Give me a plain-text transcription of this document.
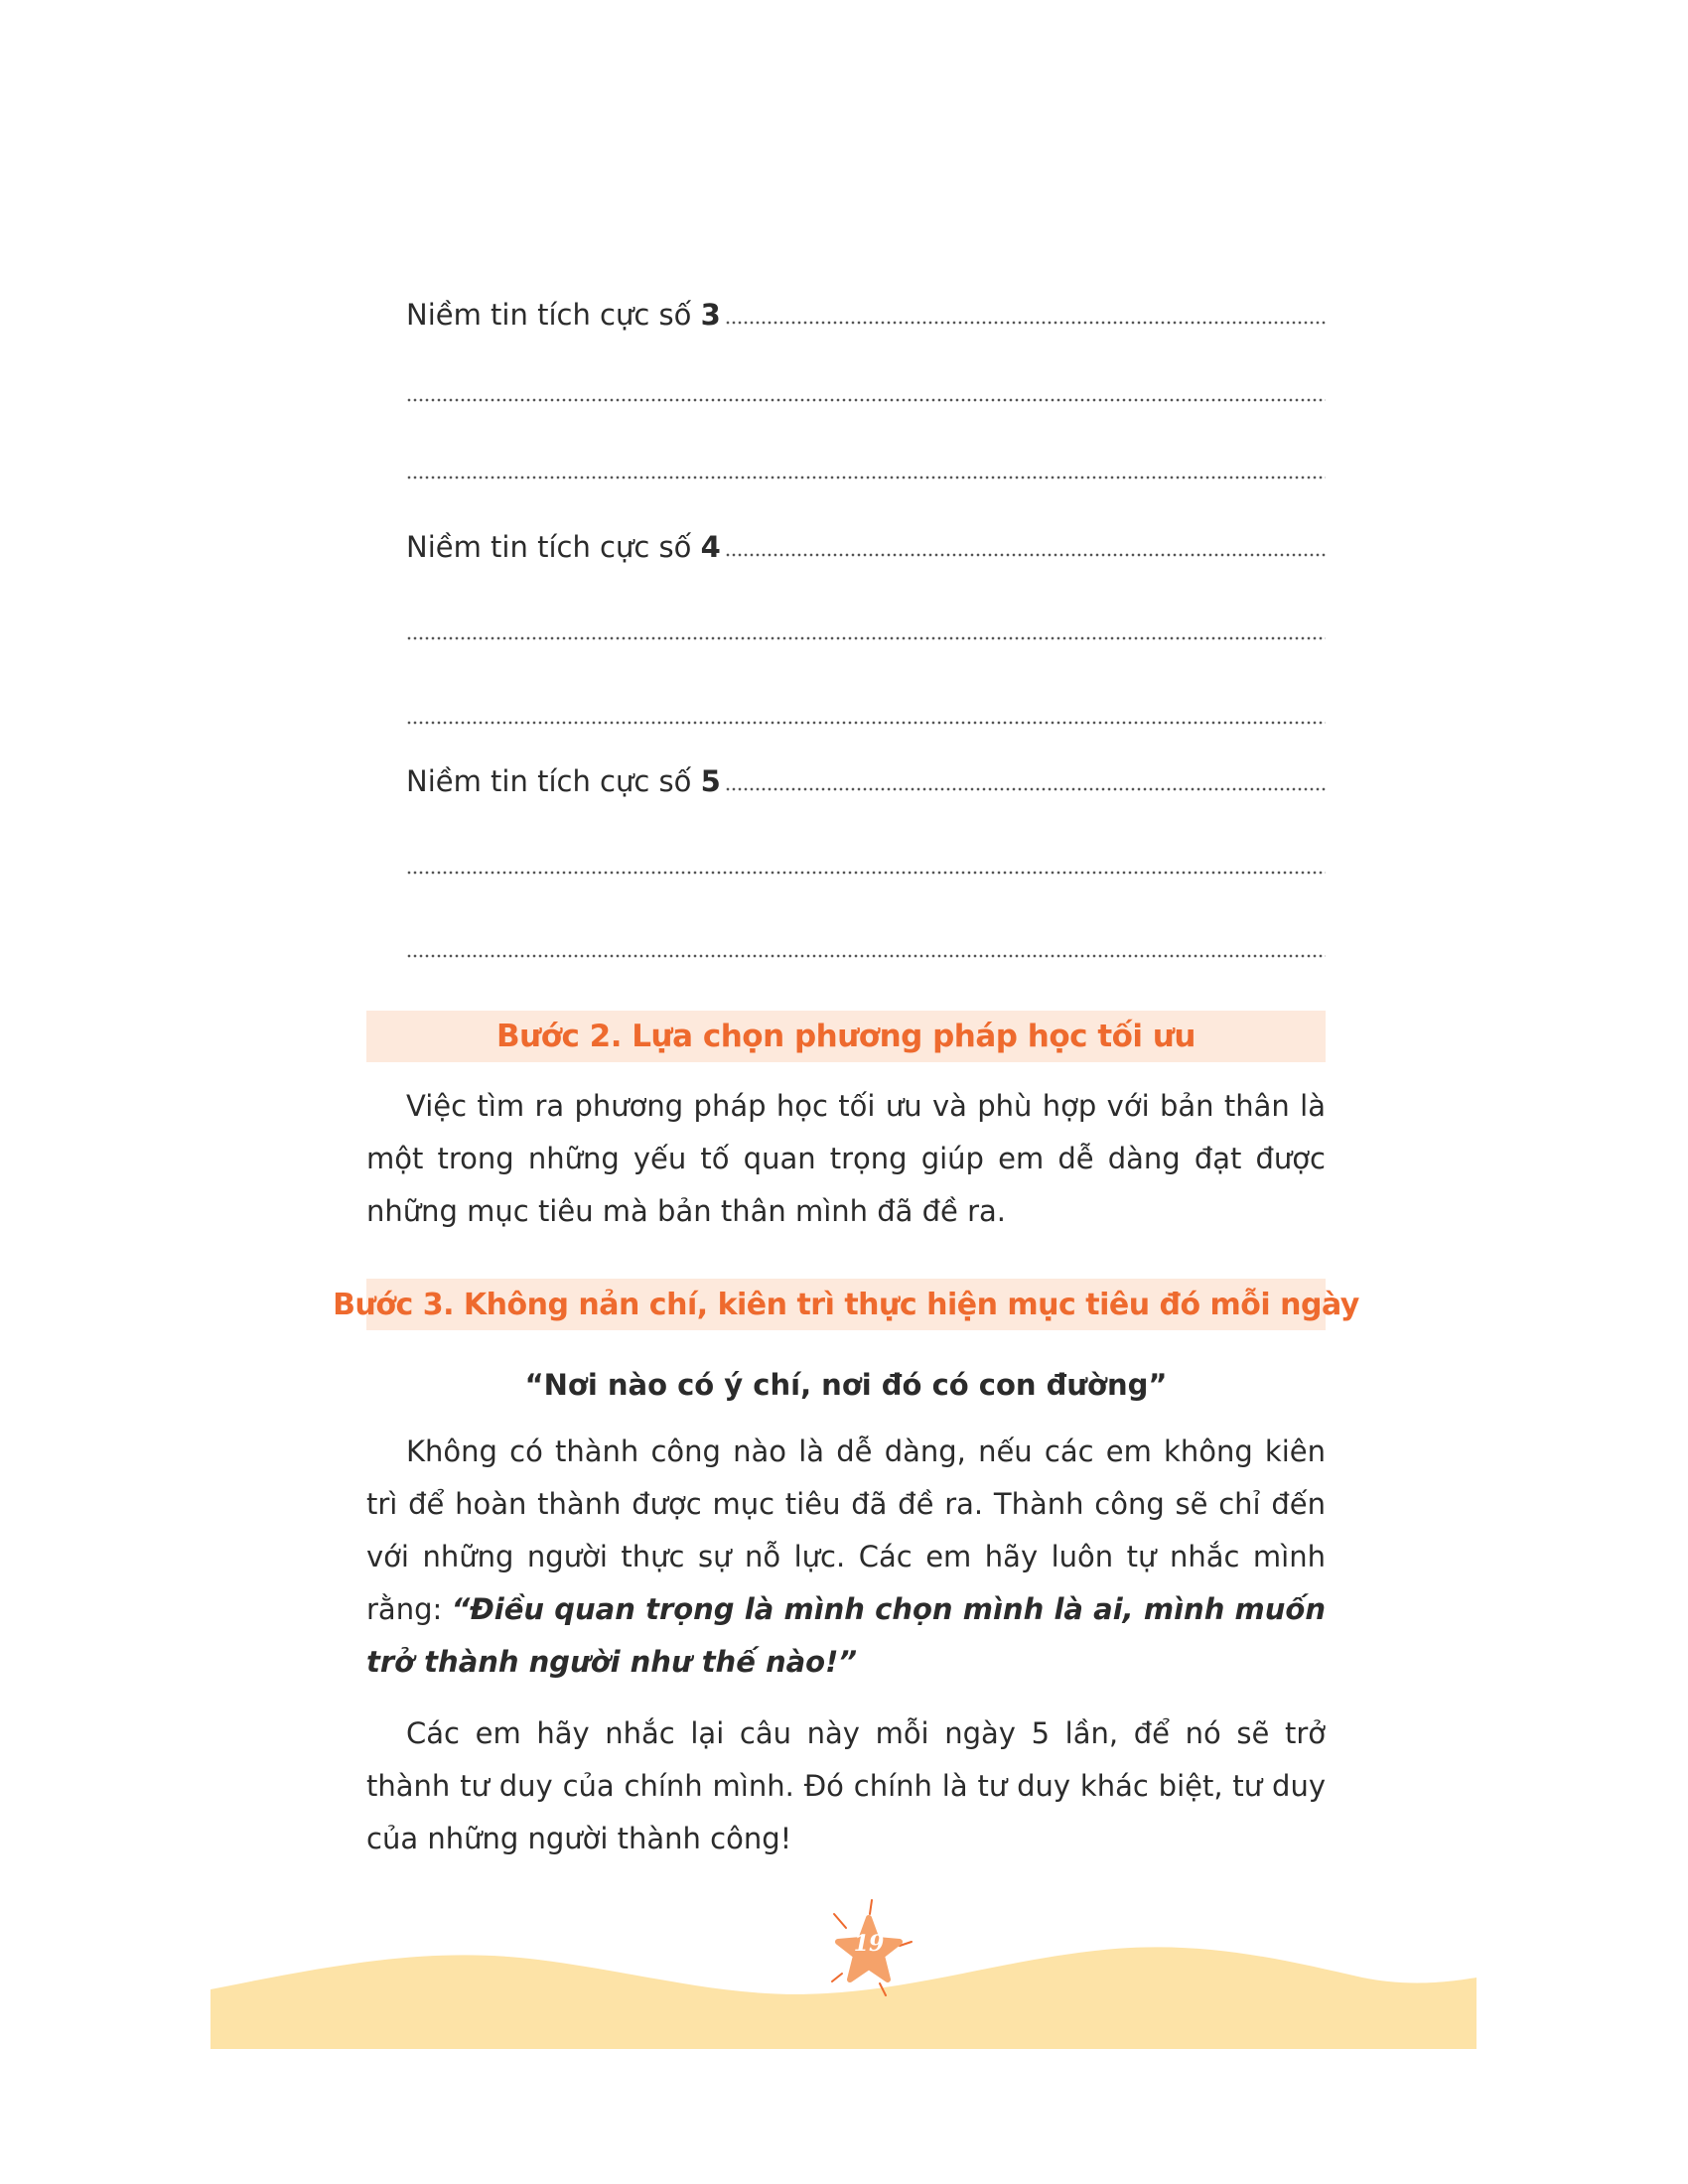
Niềm tin tích cực số 3
Niềm tin tích cực số 4
Niềm tin tích cực số 5
Bước 2. Lựa chọn phương pháp học tối ưu
Việc tìm ra phương pháp học tối ưu và phù hợp với bản thân là một trong những yếu tố quan trọng giúp em dễ dàng đạt được những mục tiêu mà bản thân mình đã đề ra.
Bước 3. Không nản chí, kiên trì thực hiện mục tiêu đó mỗi ngày
“Nơi nào có ý chí, nơi đó có con đường”
Không có thành công nào là dễ dàng, nếu các em không kiên trì để hoàn thành được mục tiêu đã đề ra. Thành công sẽ chỉ đến với những người thực sự nỗ lực. Các em hãy luôn tự nhắc mình rằng: “Điều quan trọng là mình chọn mình là ai, mình muốn trở thành người như thế nào!”
Các em hãy nhắc lại câu này mỗi ngày 5 lần, để nó sẽ trở thành tư duy của chính mình. Đó chính là tư duy khác biệt, tư duy của những người thành công!
19
